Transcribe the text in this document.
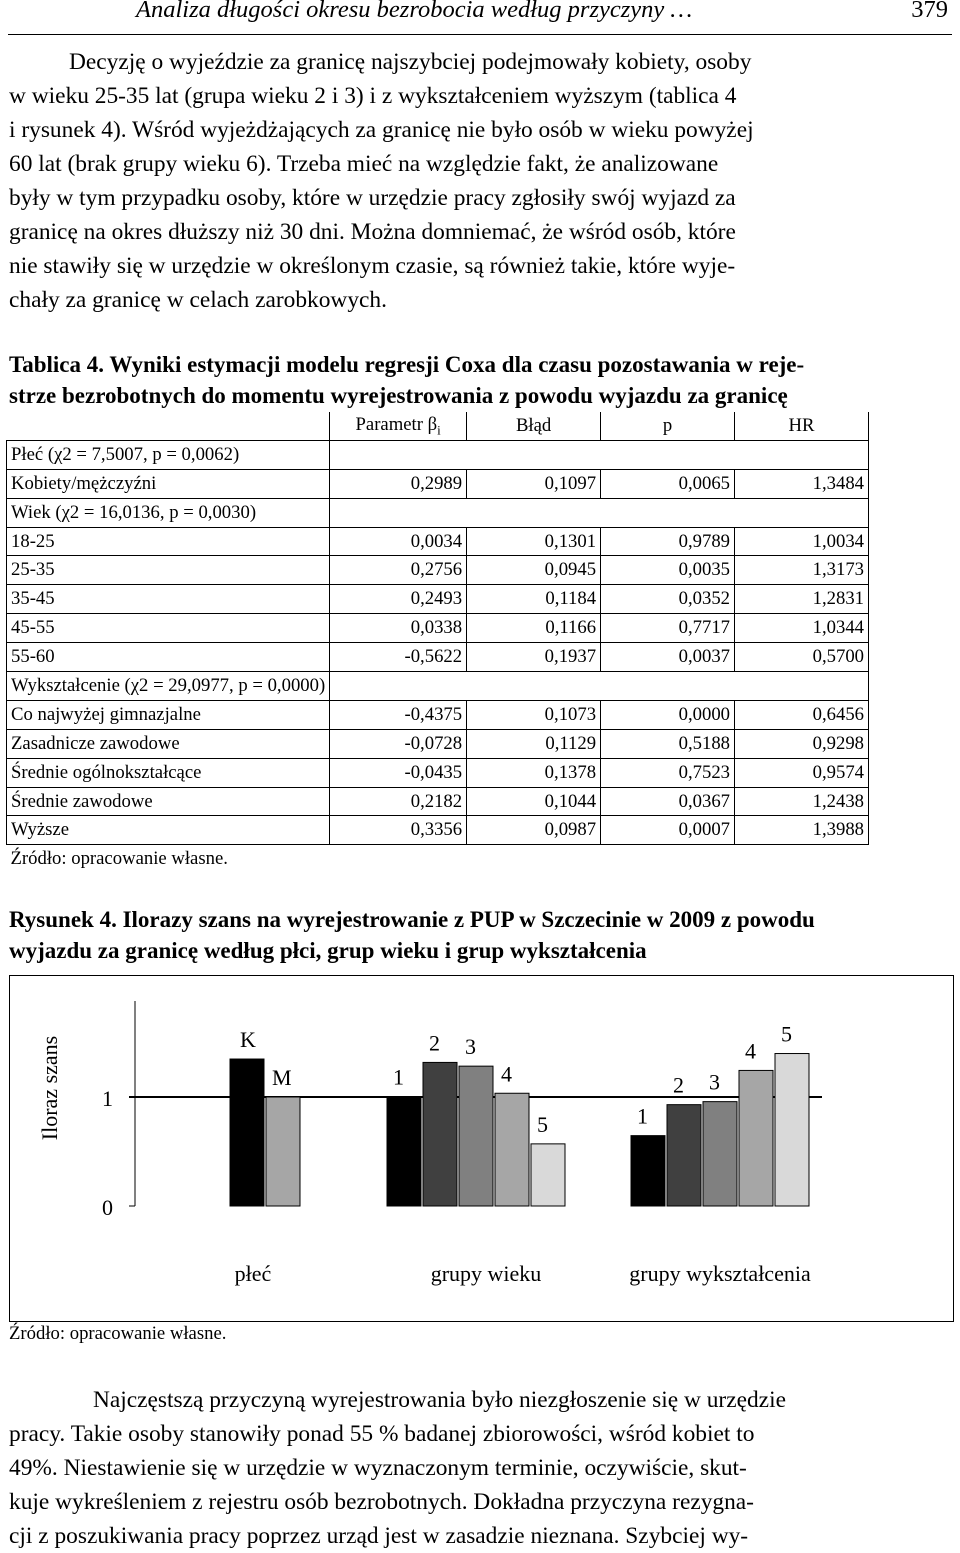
Analiza długości okresu bezrobocia według przyczyny …	379

Decyzję o wyjeździe za granicę najszybciej podejmowały kobiety, osoby

w wieku 25-35 lat (grupa wieku 2 i 3) i z wykształceniem wyższym (tablica 4

i rysunek 4). Wśród wyjeżdżających za granicę nie było osób w wieku powyżej

60 lat (brak grupy wieku 6). Trzeba mieć na względzie fakt, że analizowane

były w tym przypadku osoby, które w urzędzie pracy zgłosiły swój wyjazd za

granicę na okres dłuższy niż 30 dni. Można domniemać, że wśród osób, które

nie stawiły się w urzędzie w określonym czasie, są również takie, które wyje-

chały za granicę w celach zarobkowych.

Tablica 4. Wyniki estymacji modelu regresji Coxa dla czasu pozostawania w reje-
strze bezrobotnych do momentu wyrejestrowania z powodu wyjazdu za granicę
	Parametr $\beta_i$	Błąd	p	HR
Płeć (χ2 = 7,5007, p = 0,0062)				
Kobiety/mężczyźni	0,2989	0,1097	0,0065	1,3484
Wiek (χ2 = 16,0136, p = 0,0030)				
18-25	0,0034	0,1301	0,9789	1,0034
25-35	0,2756	0,0945	0,0035	1,3173
35-45	0,2493	0,1184	0,0352	1,2831
45-55	0,0338	0,1166	0,7717	1,0344
55-60	-0,5622	0,1937	0,0037	0,5700
Wykształcenie (χ2 = 29,0977, p = 0,0000)				
Co najwyżej gimnazjalne	-0,4375	0,1073	0,0000	0,6456
Zasadnicze zawodowe	-0,0728	0,1129	0,5188	0,9298
Średnie ogólnokształcące	-0,0435	0,1378	0,7523	0,9574
Średnie zawodowe	0,2182	0,1044	0,0367	1,2438
Wyższe	0,3356	0,0987	0,0007	1,3988
Źródło: opracowanie własne.				
Rysunek 4. Ilorazy szans na wyrejestrowanie z PUP w Szczecinie w 2009 z powodu
wyjazdu za granicę według płci, grup wieku i grup wykształcenia
0
1
Iloraz szans	K
M
płeć
1
2 3
4
5
grupy wieku
1
2 3
4
5
grupy wykształcenia
Źródło: opracowanie własne.

Najczęstszą przyczyną wyrejestrowania było niezgłoszenie się w urzędzie

pracy. Takie osoby stanowiły ponad 55 % badanej zbiorowości, wśród kobiet to

49%. Niestawienie się w urzędzie w wyznaczonym terminie, oczywiście, skut-

kuje wykreśleniem z rejestru osób bezrobotnych. Dokładna przyczyna rezygna-

cji z poszukiwania pracy poprzez urząd jest w zasadzie nieznana. Szybciej wy-
